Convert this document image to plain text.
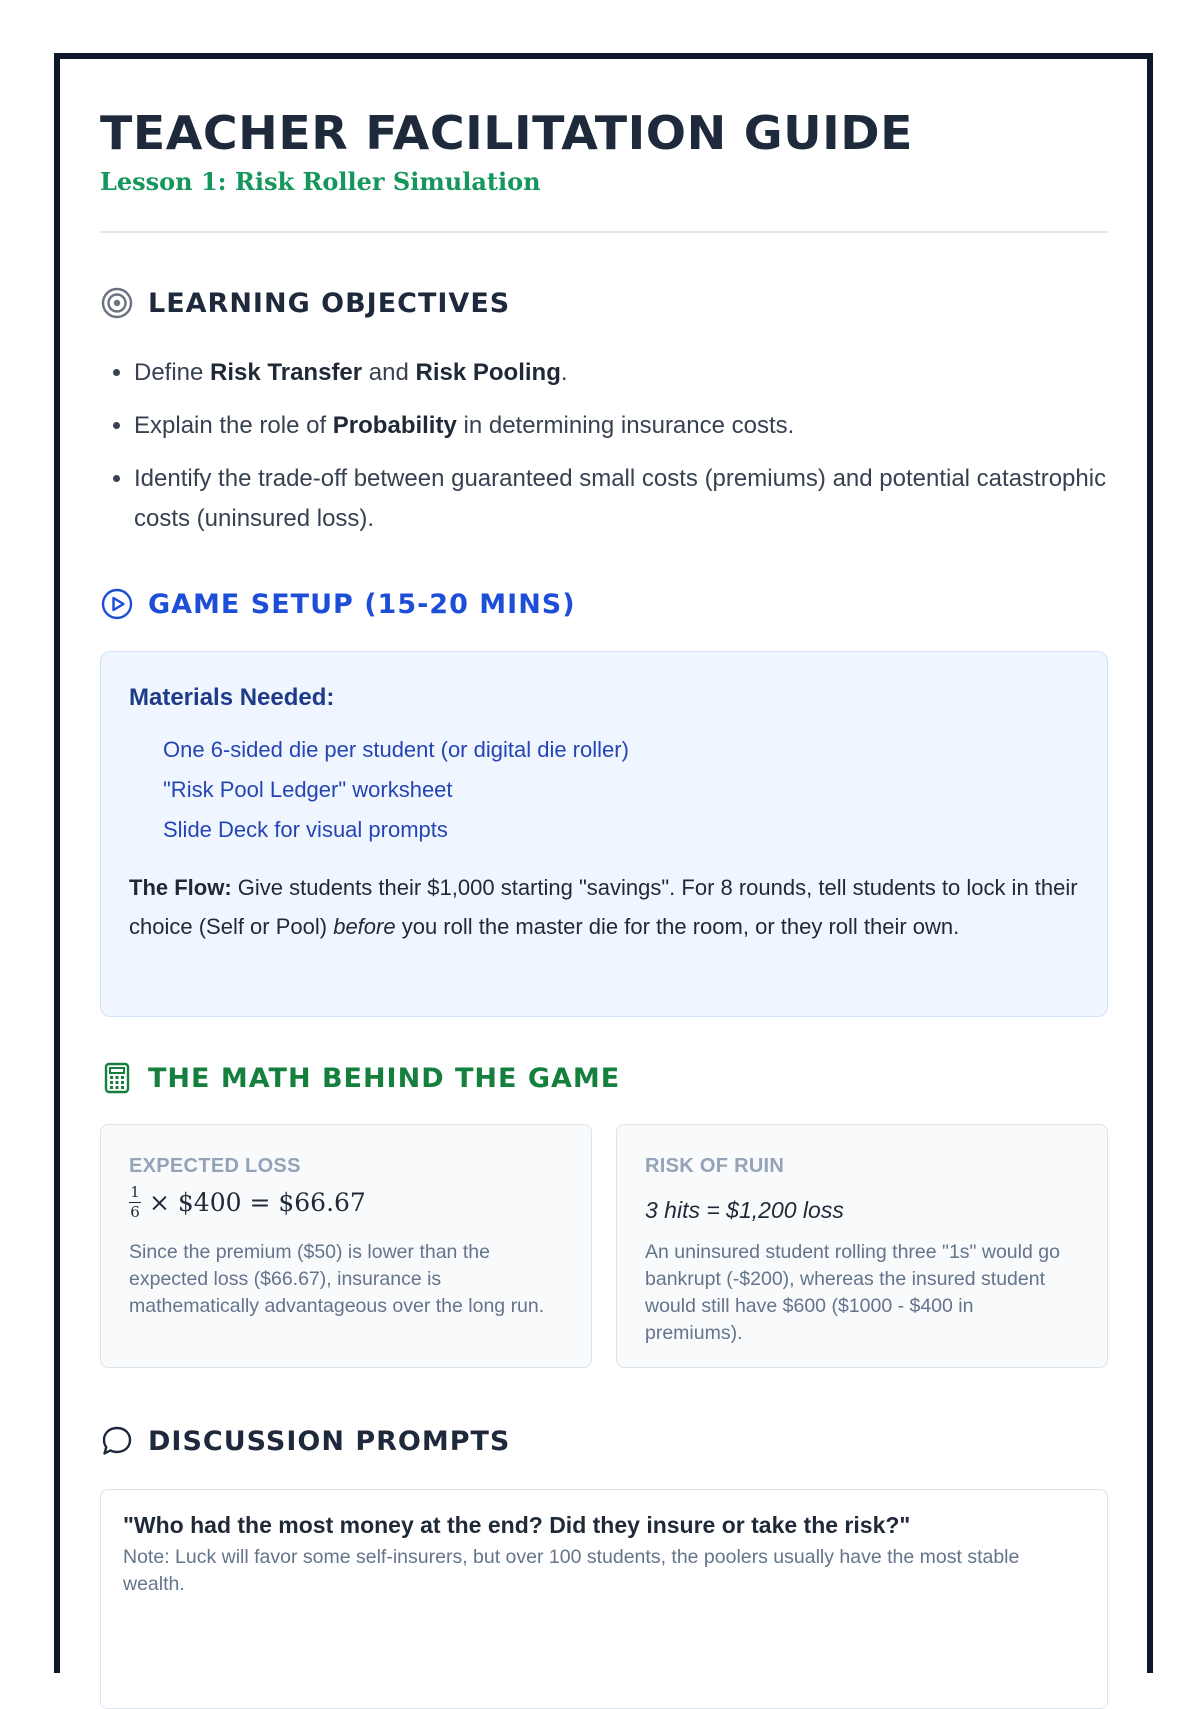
TEACHER FACILITATION GUIDE
Lesson 1: Risk Roller Simulation
LEARNING OBJECTIVES
• Define Risk Transfer and Risk Pooling.
• Explain the role of Probability in determining insurance costs.
• Identify the trade-off between guaranteed small costs (premiums) and potential catastrophic costs (uninsured loss).
GAME SETUP (15-20 MINS)
Materials Needed:
One 6-sided die per student (or digital die roller)
"Risk Pool Ledger" worksheet
Slide Deck for visual prompts
The Flow: Give students their $1,000 starting "savings". For 8 rounds, tell students to lock in their choice (Self or Pool) before you roll the master die for the room, or they roll their own.
THE MATH BEHIND THE GAME
EXPECTED LOSS
$\frac{1}{6}$ × $400 = $66.67
Since the premium ($50) is lower than the expected loss ($66.67), insurance is mathematically advantageous over the long run.
RISK OF RUIN
3 hits = $1,200 loss
An uninsured student rolling three "1s" would go bankrupt (-$200), whereas the insured student would still have $600 ($1000 - $400 in premiums).
DISCUSSION PROMPTS
"Who had the most money at the end? Did they insure or take the risk?"
Note: Luck will favor some self-insurers, but over 100 students, the poolers usually have the most stable wealth.
